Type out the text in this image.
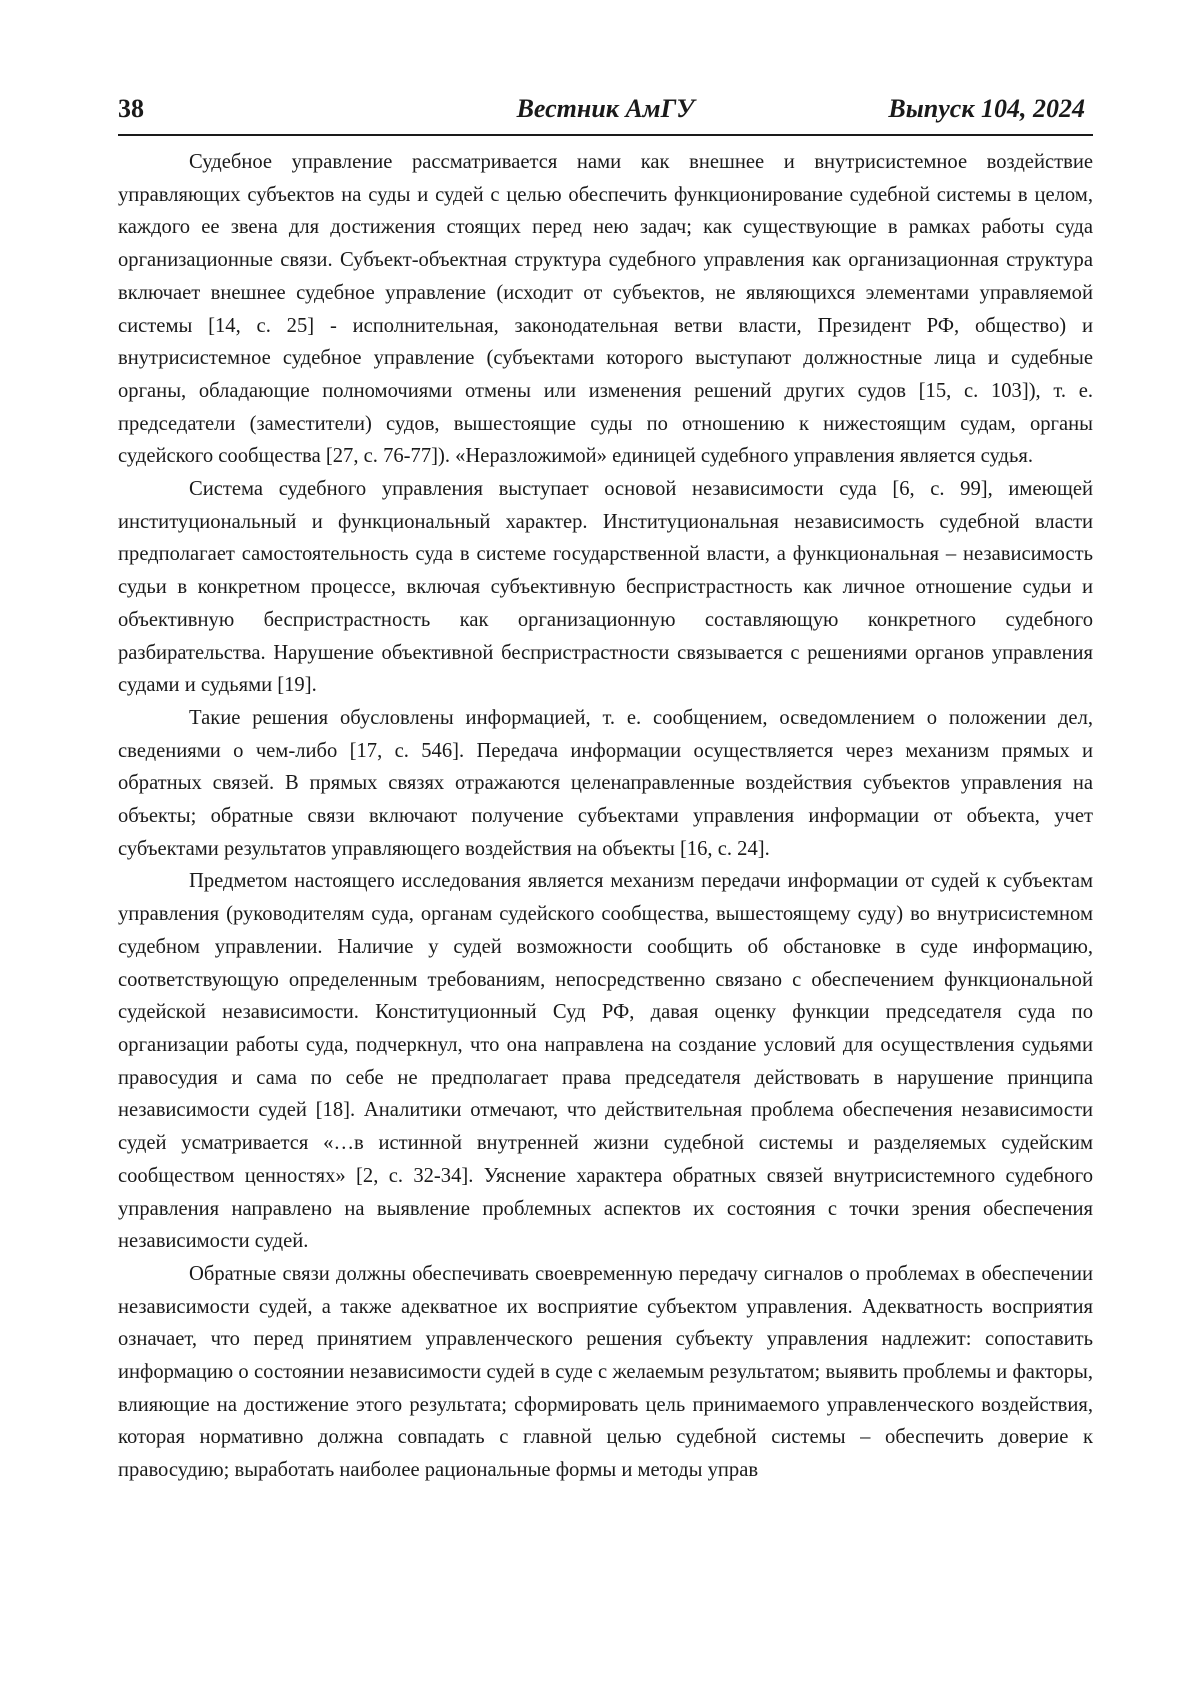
38	Вестник АмГУ	Выпуск 104, 2024

Судебное управление рассматривается нами как внешнее и внутрисистемное воздействие управляющих субъектов на суды и судей с целью обеспечить функционирование судебной системы в целом, каждого ее звена для достижения стоящих перед нею задач; как существующие в рамках работы суда организационные связи. Субъект-объектная структура судебного управления как организационная структура включает внешнее судебное управление (исходит от субъектов, не являющихся элементами управляемой системы [14, с. 25] - исполнительная, законодательная ветви власти, Президент РФ, общество) и внутрисистемное судебное управление (субъектами которого выступают должностные лица и судебные органы, обладающие полномочиями отмены или изменения решений других судов [15, с. 103]), т. е. председатели (заместители) судов, вышестоящие суды по отношению к нижестоящим судам, органы судейского сообщества [27, с. 76-77]). «Неразложимой» единицей судебного управления является судья.

Система судебного управления выступает основой независимости суда [6, с. 99], имеющей институциональный и функциональный характер. Институциональная независимость судебной власти предполагает самостоятельность суда в системе государственной власти, а функциональная – независимость судьи в конкретном процессе, включая субъективную беспристрастность как личное отношение судьи и объективную беспристрастность как организационную составляющую конкретного судебного разбирательства. Нарушение объективной беспристрастности связывается с решениями органов управления судами и судьями [19].

Такие решения обусловлены информацией, т. е. сообщением, осведомлением о положении дел, сведениями о чем-либо [17, с. 546]. Передача информации осуществляется через механизм прямых и обратных связей. В прямых связях отражаются целенаправленные воздействия субъектов управления на объекты; обратные связи включают получение субъектами управления информации от объекта, учет субъектами результатов управляющего воздействия на объекты [16, с. 24].

Предметом настоящего исследования является механизм передачи информации от судей к субъектам управления (руководителям суда, органам судейского сообщества, вышестоящему суду) во внутрисистемном судебном управлении. Наличие у судей возможности сообщить об обстановке в суде информацию, соответствующую определенным требованиям, непосредственно связано с обеспечением функциональной судейской независимости. Конституционный Суд РФ, давая оценку функции председателя суда по организации работы суда, подчеркнул, что она направлена на создание условий для осуществления судьями правосудия и сама по себе не предполагает права председателя действовать в нарушение принципа независимости судей [18]. Аналитики отмечают, что действительная проблема обеспечения независимости судей усматривается «…в истинной внутренней жизни судебной системы и разделяемых судейским сообществом ценностях» [2, с. 32-34]. Уяснение характера обратных связей внутрисистемного судебного управления направлено на выявление проблемных аспектов их состояния с точки зрения обеспечения независимости судей.

Обратные связи должны обеспечивать своевременную передачу сигналов о проблемах в обеспечении независимости судей, а также адекватное их восприятие субъектом управления. Адекватность восприятия означает, что перед принятием управленческого решения субъекту управления надлежит: сопоставить информацию о состоянии независимости судей в суде с желаемым результатом; выявить проблемы и факторы, влияющие на достижение этого результата; сформировать цель принимаемого управленческого воздействия, которая нормативно должна совпадать с главной целью судебной системы – обеспечить доверие к правосудию; выработать наиболее рациональные формы и методы управ
